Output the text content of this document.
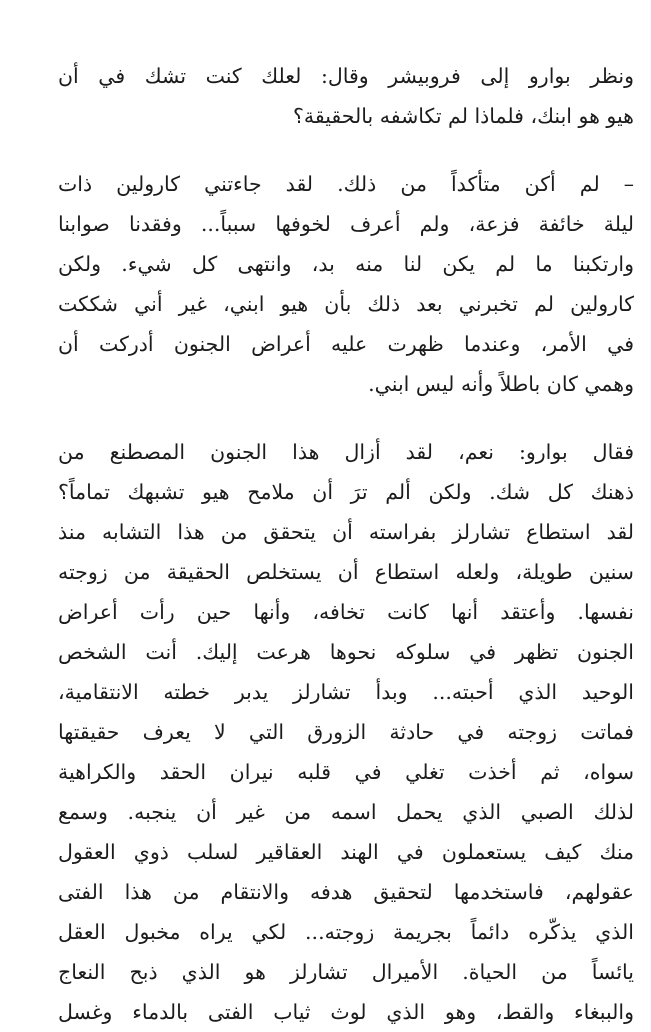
ونظر بوارو إلى فروبيشر وقال: لعلك كنت تشك في أن
هيو هو ابنك، فلماذا لم تكاشفه بالحقيقة؟
– لم أكن متأكداً من ذلك. لقد جاءتني كارولين ذات
ليلة خائفة فزعة، ولم أعرف لخوفها سبباً... وفقدنا صوابنا
وارتكبنا ما لم يكن لنا منه بد، وانتهى كل شيء. ولكن
كارولين لم تخبرني بعد ذلك بأن هيو ابني، غير أني شككت
في الأمر، وعندما ظهرت عليه أعراض الجنون أدركت أن
وهمي كان باطلاً وأنه ليس ابني.
فقال بوارو: نعم، لقد أزال هذا الجنون المصطنع من
ذهنك كل شك. ولكن ألم ترَ أن ملامح هيو تشبهك تماماً؟
لقد استطاع تشارلز بفراسته أن يتحقق من هذا التشابه منذ
سنين طويلة، ولعله استطاع أن يستخلص الحقيقة من زوجته
نفسها. وأعتقد أنها كانت تخافه، وأنها حين رأت أعراض
الجنون تظهر في سلوكه نحوها هرعت إليك. أنت الشخص
الوحيد الذي أحبته... وبدأ تشارلز يدبر خطته الانتقامية،
فماتت زوجته في حادثة الزورق التي لا يعرف حقيقتها
سواه، ثم أخذت تغلي في قلبه نيران الحقد والكراهية
لذلك الصبي الذي يحمل اسمه من غير أن ينجبه. وسمع
منك كيف يستعملون في الهند العقاقير لسلب ذوي العقول
عقولهم، فاستخدمها لتحقيق هدفه والانتقام من هذا الفتى
الذي يذكّره دائماً بجريمة زوجته... لكي يراه مخبول العقل
يائساً من الحياة. الأميرال تشارلز هو الذي ذبح النعاج
والببغاء والقط، وهو الذي لوث ثياب الفتى بالدماء وغسل
